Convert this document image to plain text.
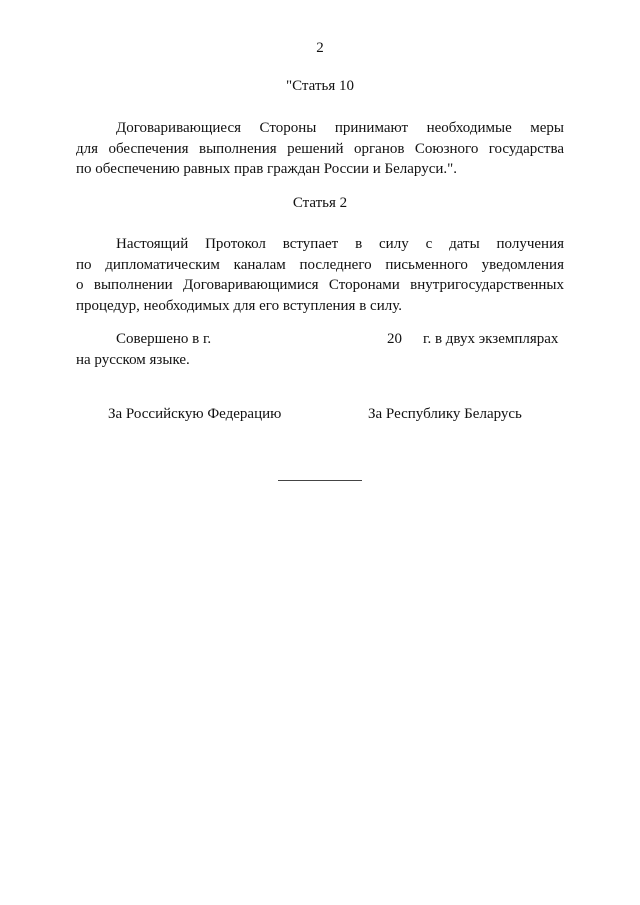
2
"Статья 10
Договаривающиеся Стороны принимают необходимые меры
для обеспечения выполнения решений органов Союзного государства
по обеспечению равных прав граждан России и Беларуси.".
Статья 2
Настоящий Протокол вступает в силу с даты получения
по дипломатическим каналам последнего письменного уведомления
о выполнении Договаривающимися Сторонами внутригосударственных
процедур, необходимых для его вступления в силу.
Совершено в г.	20 г. в двух экземплярах
на русском языке.
За Российскую Федерацию	За Республику Беларусь
